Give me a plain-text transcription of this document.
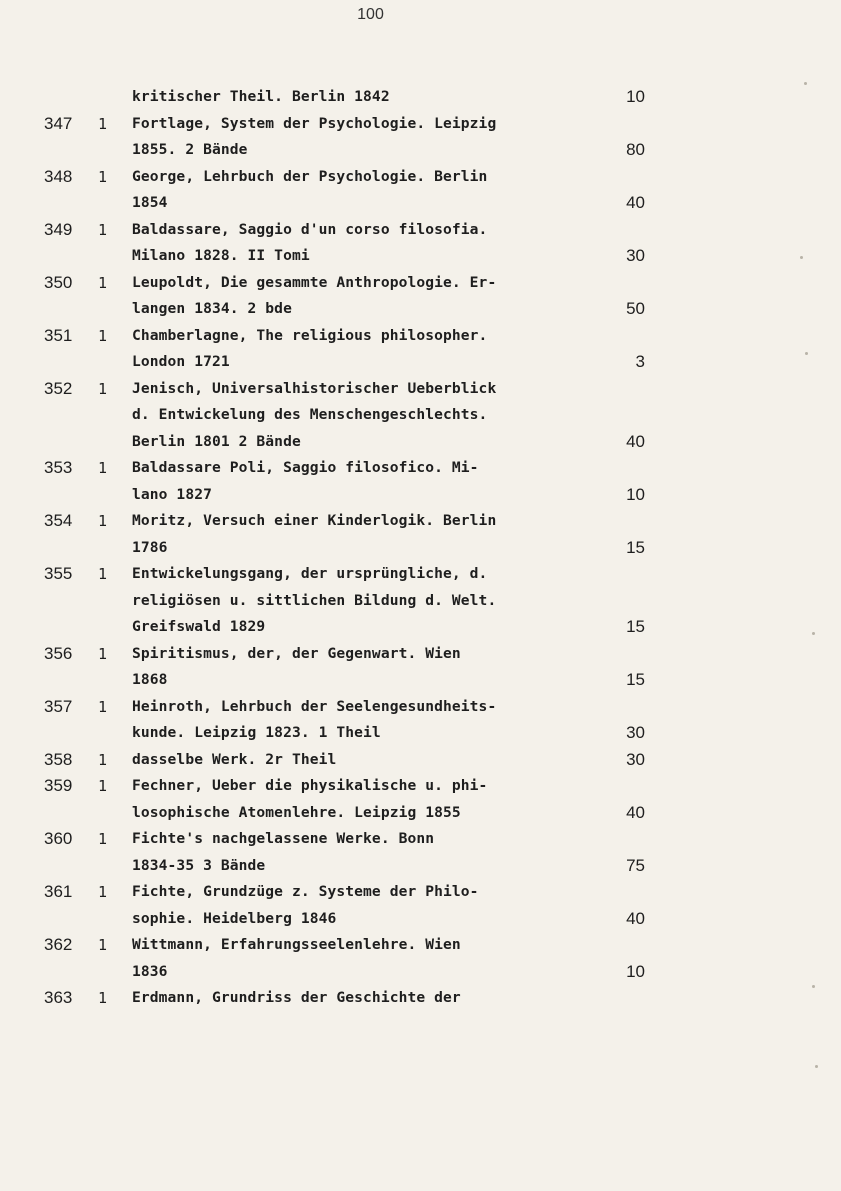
100
kritischer Theil. Berlin 1842	10
347	1	Fortlage, System der Psychologie. Leipzig
1855. 2 Bände	80
348	1	George, Lehrbuch der Psychologie. Berlin
1854	40
349	1	Baldassare, Saggio d'un corso filosofia.
Milano 1828. II Tomi	30
350	1	Leupoldt, Die gesammte Anthropologie. Er-
langen 1834. 2 bde	50
351	1	Chamberlagne, The religious philosopher.
London 1721	3
352	1	Jenisch, Universalhistorischer Ueberblick
d. Entwickelung des Menschengeschlechts.
Berlin 1801 2 Bände	40
353	1	Baldassare Poli, Saggio filosofico. Mi-
lano 1827	10
354	1	Moritz, Versuch einer Kinderlogik. Berlin
1786	15
355	1	Entwickelungsgang, der ursprüngliche, d.
religiösen u. sittlichen Bildung d. Welt.
Greifswald 1829	15
356	1	Spiritismus, der, der Gegenwart. Wien
1868	15
357	1	Heinroth, Lehrbuch der Seelengesundheits-
kunde. Leipzig 1823. 1 Theil	30
358	1	dasselbe Werk. 2r Theil	30
359	1	Fechner, Ueber die physikalische u. phi-
losophische Atomenlehre. Leipzig 1855	40
360	1	Fichte's nachgelassene Werke. Bonn
1834-35 3 Bände	75
361	1	Fichte, Grundzüge z. Systeme der Philo-
sophie. Heidelberg 1846	40
362	1	Wittmann, Erfahrungsseelenlehre. Wien
1836	10
363	1	Erdmann, Grundriss der Geschichte der
